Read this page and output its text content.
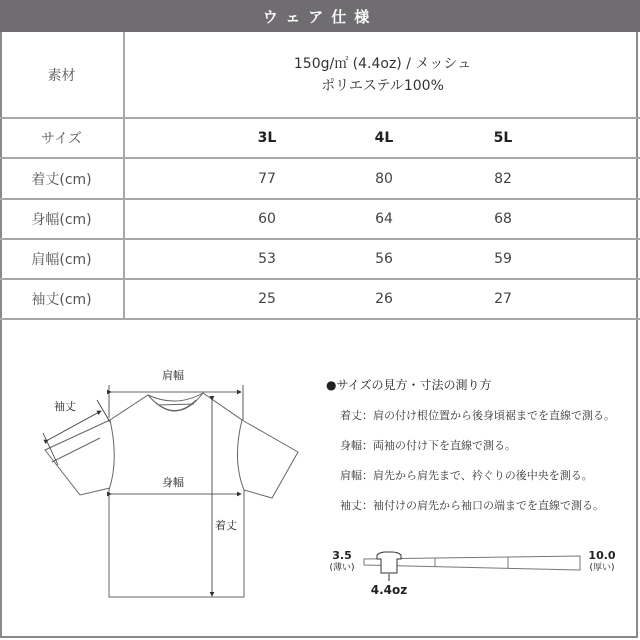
ウェア仕様
素材
150g/㎡ (4.4oz) / メッシュ
ポリエステル100%
サイズ	3L	4L	5L
着丈(cm)	77	80	82
身幅(cm)	60	64	68
肩幅(cm)	53	56	59
袖丈(cm)	25	26	27
肩幅
袖丈
身幅
着丈
●サイズの見方・寸法の測り方
着丈：肩の付け根位置から後身頃裾までを直線で測る。
身幅：両袖の付け下を直線で測る。
肩幅：肩先から肩先まで、衿ぐりの後中央を測る。
袖丈：袖付けの肩先から袖口の端までを直線で測る。
3.5
(薄い)
10.0
(厚い)
4.4oz
